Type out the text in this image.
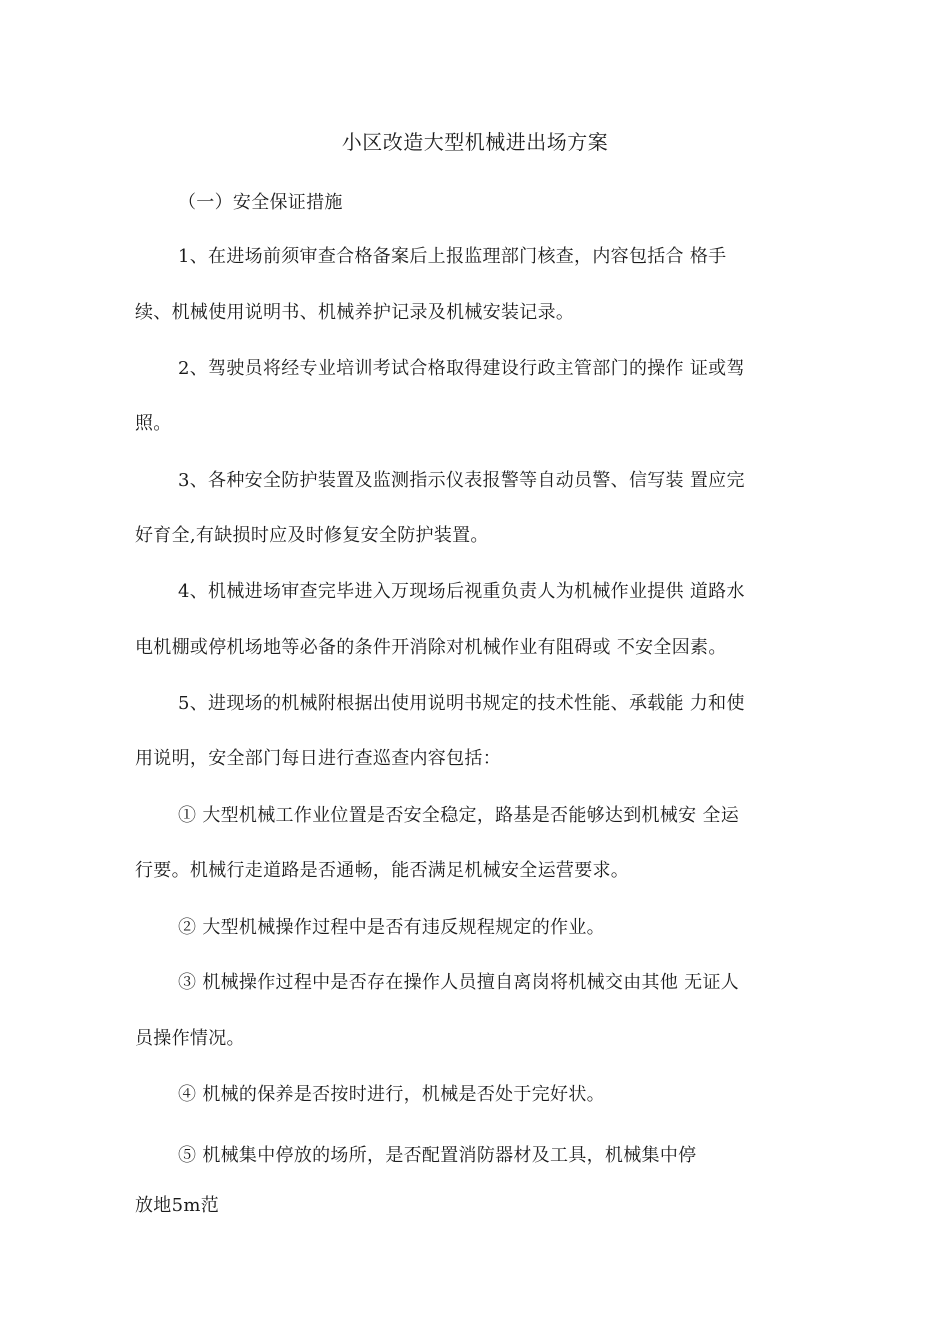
小区改造大型机械进出场方案
（一）安全保证措施
1、在进场前须审查合格备案后上报监理部门核查，内容包括合 格手
续、机械使用说明书、机械养护记录及机械安装记录。
2、驾驶员将经专业培训考试合格取得建设行政主管部门的操作 证或驾
照。
3、各种安全防护装置及监测指示仪表报警等自动员警、信写装 置应完
好育全,有缺损时应及时修复安全防护装置。
4、机械进场审查完毕进入万现场后视重负责人为机械作业提供 道路水
电机棚或停机场地等必备的条件开消除对机械作业有阻碍或 不安全因素。
5、进现场的机械附根据出使用说明书规定的技术性能、承载能 力和使
用说明，安全部门每日进行查巡查内容包括：
① 大型机械工作业位置是否安全稳定，路基是否能够达到机械安 全运
行要。机械行走道路是否通畅，能否满足机械安全运营要求。
② 大型机械操作过程中是否有违反规程规定的作业。
③ 机械操作过程中是否存在操作人员擅自离岗将机械交由其他 无证人
员操作情况。
④ 机械的保养是否按时进行，机械是否处于完好状。
⑤ 机械集中停放的场所，是否配置消防器材及工具，机械集中停
放地5m范
